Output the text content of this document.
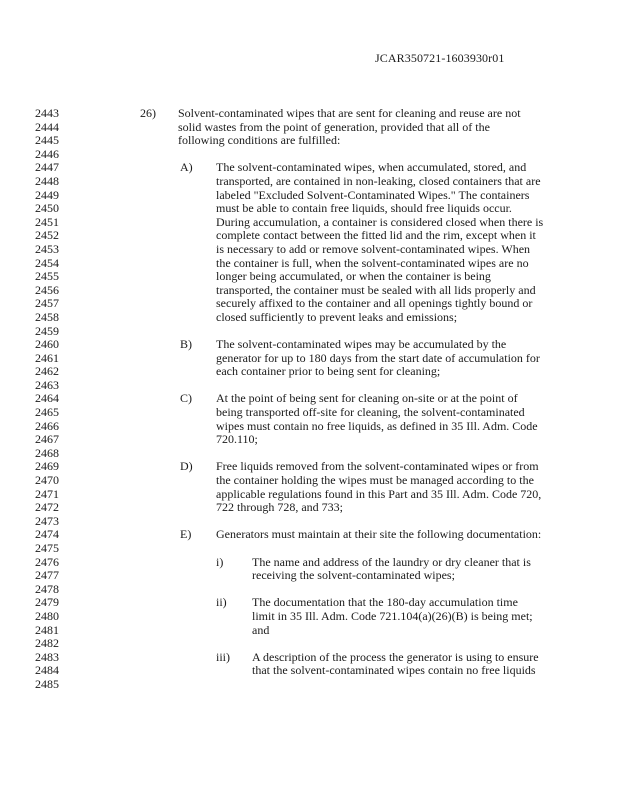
JCAR350721-1603930r01
2443
2444
2445
2446
2447
2448
2449
2450
2451
2452
2453
2454
2455
2456
2457
2458
2459
2460
2461
2462
2463
2464
2465
2466
2467
2468
2469
2470
2471
2472
2473
2474
2475
2476
2477
2478
2479
2480
2481
2482
2483
2484
2485
26) Solvent-contaminated wipes that are sent for cleaning and reuse are not solid wastes from the point of generation, provided that all of the following conditions are fulfilled:
A) The solvent-contaminated wipes, when accumulated, stored, and transported, are contained in non-leaking, closed containers that are labeled "Excluded Solvent-Contaminated Wipes." The containers must be able to contain free liquids, should free liquids occur. During accumulation, a container is considered closed when there is complete contact between the fitted lid and the rim, except when it is necessary to add or remove solvent-contaminated wipes. When the container is full, when the solvent-contaminated wipes are no longer being accumulated, or when the container is being transported, the container must be sealed with all lids properly and securely affixed to the container and all openings tightly bound or closed sufficiently to prevent leaks and emissions;
B) The solvent-contaminated wipes may be accumulated by the generator for up to 180 days from the start date of accumulation for each container prior to being sent for cleaning;
C) At the point of being sent for cleaning on-site or at the point of being transported off-site for cleaning, the solvent-contaminated wipes must contain no free liquids, as defined in 35 Ill. Adm. Code 720.110;
D) Free liquids removed from the solvent-contaminated wipes or from the container holding the wipes must be managed according to the applicable regulations found in this Part and 35 Ill. Adm. Code 720, 722 through 728, and 733;
E) Generators must maintain at their site the following documentation:
i) The name and address of the laundry or dry cleaner that is receiving the solvent-contaminated wipes;
ii) The documentation that the 180-day accumulation time limit in 35 Ill. Adm. Code 721.104(a)(26)(B) is being met; and
iii) A description of the process the generator is using to ensure that the solvent-contaminated wipes contain no free liquids
